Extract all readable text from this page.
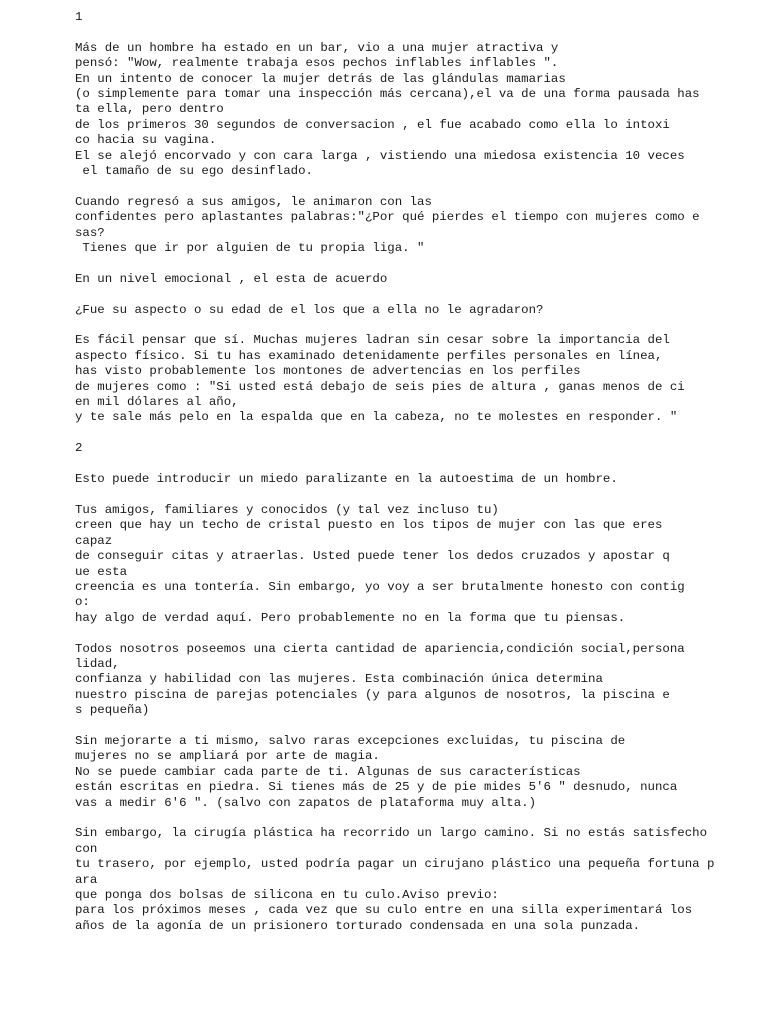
1
Más de un hombre ha estado en un bar, vio a una mujer atractiva y
pensó: "Wow, realmente trabaja esos pechos inflables inflables ".
En un intento de conocer la mujer detrás de las glándulas mamarias
(o simplemente para tomar una inspección más cercana),el va de una forma pausada has
ta ella, pero dentro
de los primeros 30 segundos de conversacion , el fue acabado como ella lo intoxi
co hacia su vagina.
El se alejó encorvado y con cara larga , vistiendo una miedosa existencia 10 veces
el tamaño de su ego desinflado.
Cuando regresó a sus amigos, le animaron con las
confidentes pero aplastantes palabras:"¿Por qué pierdes el tiempo con mujeres como e
sas?
Tienes que ir por alguien de tu propia liga. "
En un nivel emocional , el esta de acuerdo
¿Fue su aspecto o su edad de el los que a ella no le agradaron?
Es fácil pensar que sí. Muchas mujeres ladran sin cesar sobre la importancia del
aspecto físico. Si tu has examinado detenidamente perfiles personales en línea,
has visto probablemente los montones de advertencias en los perfiles
de mujeres como : "Si usted está debajo de seis pies de altura , ganas menos de ci
en mil dólares al año,
y te sale más pelo en la espalda que en la cabeza, no te molestes en responder. "
2
Esto puede introducir un miedo paralizante en la autoestima de un hombre.
Tus amigos, familiares y conocidos (y tal vez incluso tu)
creen que hay un techo de cristal puesto en los tipos de mujer con las que eres
capaz
de conseguir citas y atraerlas. Usted puede tener los dedos cruzados y apostar q
ue esta
creencia es una tontería. Sin embargo, yo voy a ser brutalmente honesto con contig
o:
hay algo de verdad aquí. Pero probablemente no en la forma que tu piensas.
Todos nosotros poseemos una cierta cantidad de apariencia,condición social,persona
lidad,
confianza y habilidad con las mujeres. Esta combinación única determina
nuestro piscina de parejas potenciales (y para algunos de nosotros, la piscina e
s pequeña)
Sin mejorarte a ti mismo, salvo raras excepciones excluidas, tu piscina de
mujeres no se ampliará por arte de magia.
No se puede cambiar cada parte de ti. Algunas de sus características
están escritas en piedra. Si tienes más de 25 y de pie mides 5'6 " desnudo, nunca
vas a medir 6'6 ". (salvo con zapatos de plataforma muy alta.)
Sin embargo, la cirugía plástica ha recorrido un largo camino. Si no estás satisfecho
con
tu trasero, por ejemplo, usted podría pagar un cirujano plástico una pequeña fortuna p
ara
que ponga dos bolsas de silicona en tu culo.Aviso previo:
para los próximos meses , cada vez que su culo entre en una silla experimentará los
años de la agonía de un prisionero torturado condensada en una sola punzada.
